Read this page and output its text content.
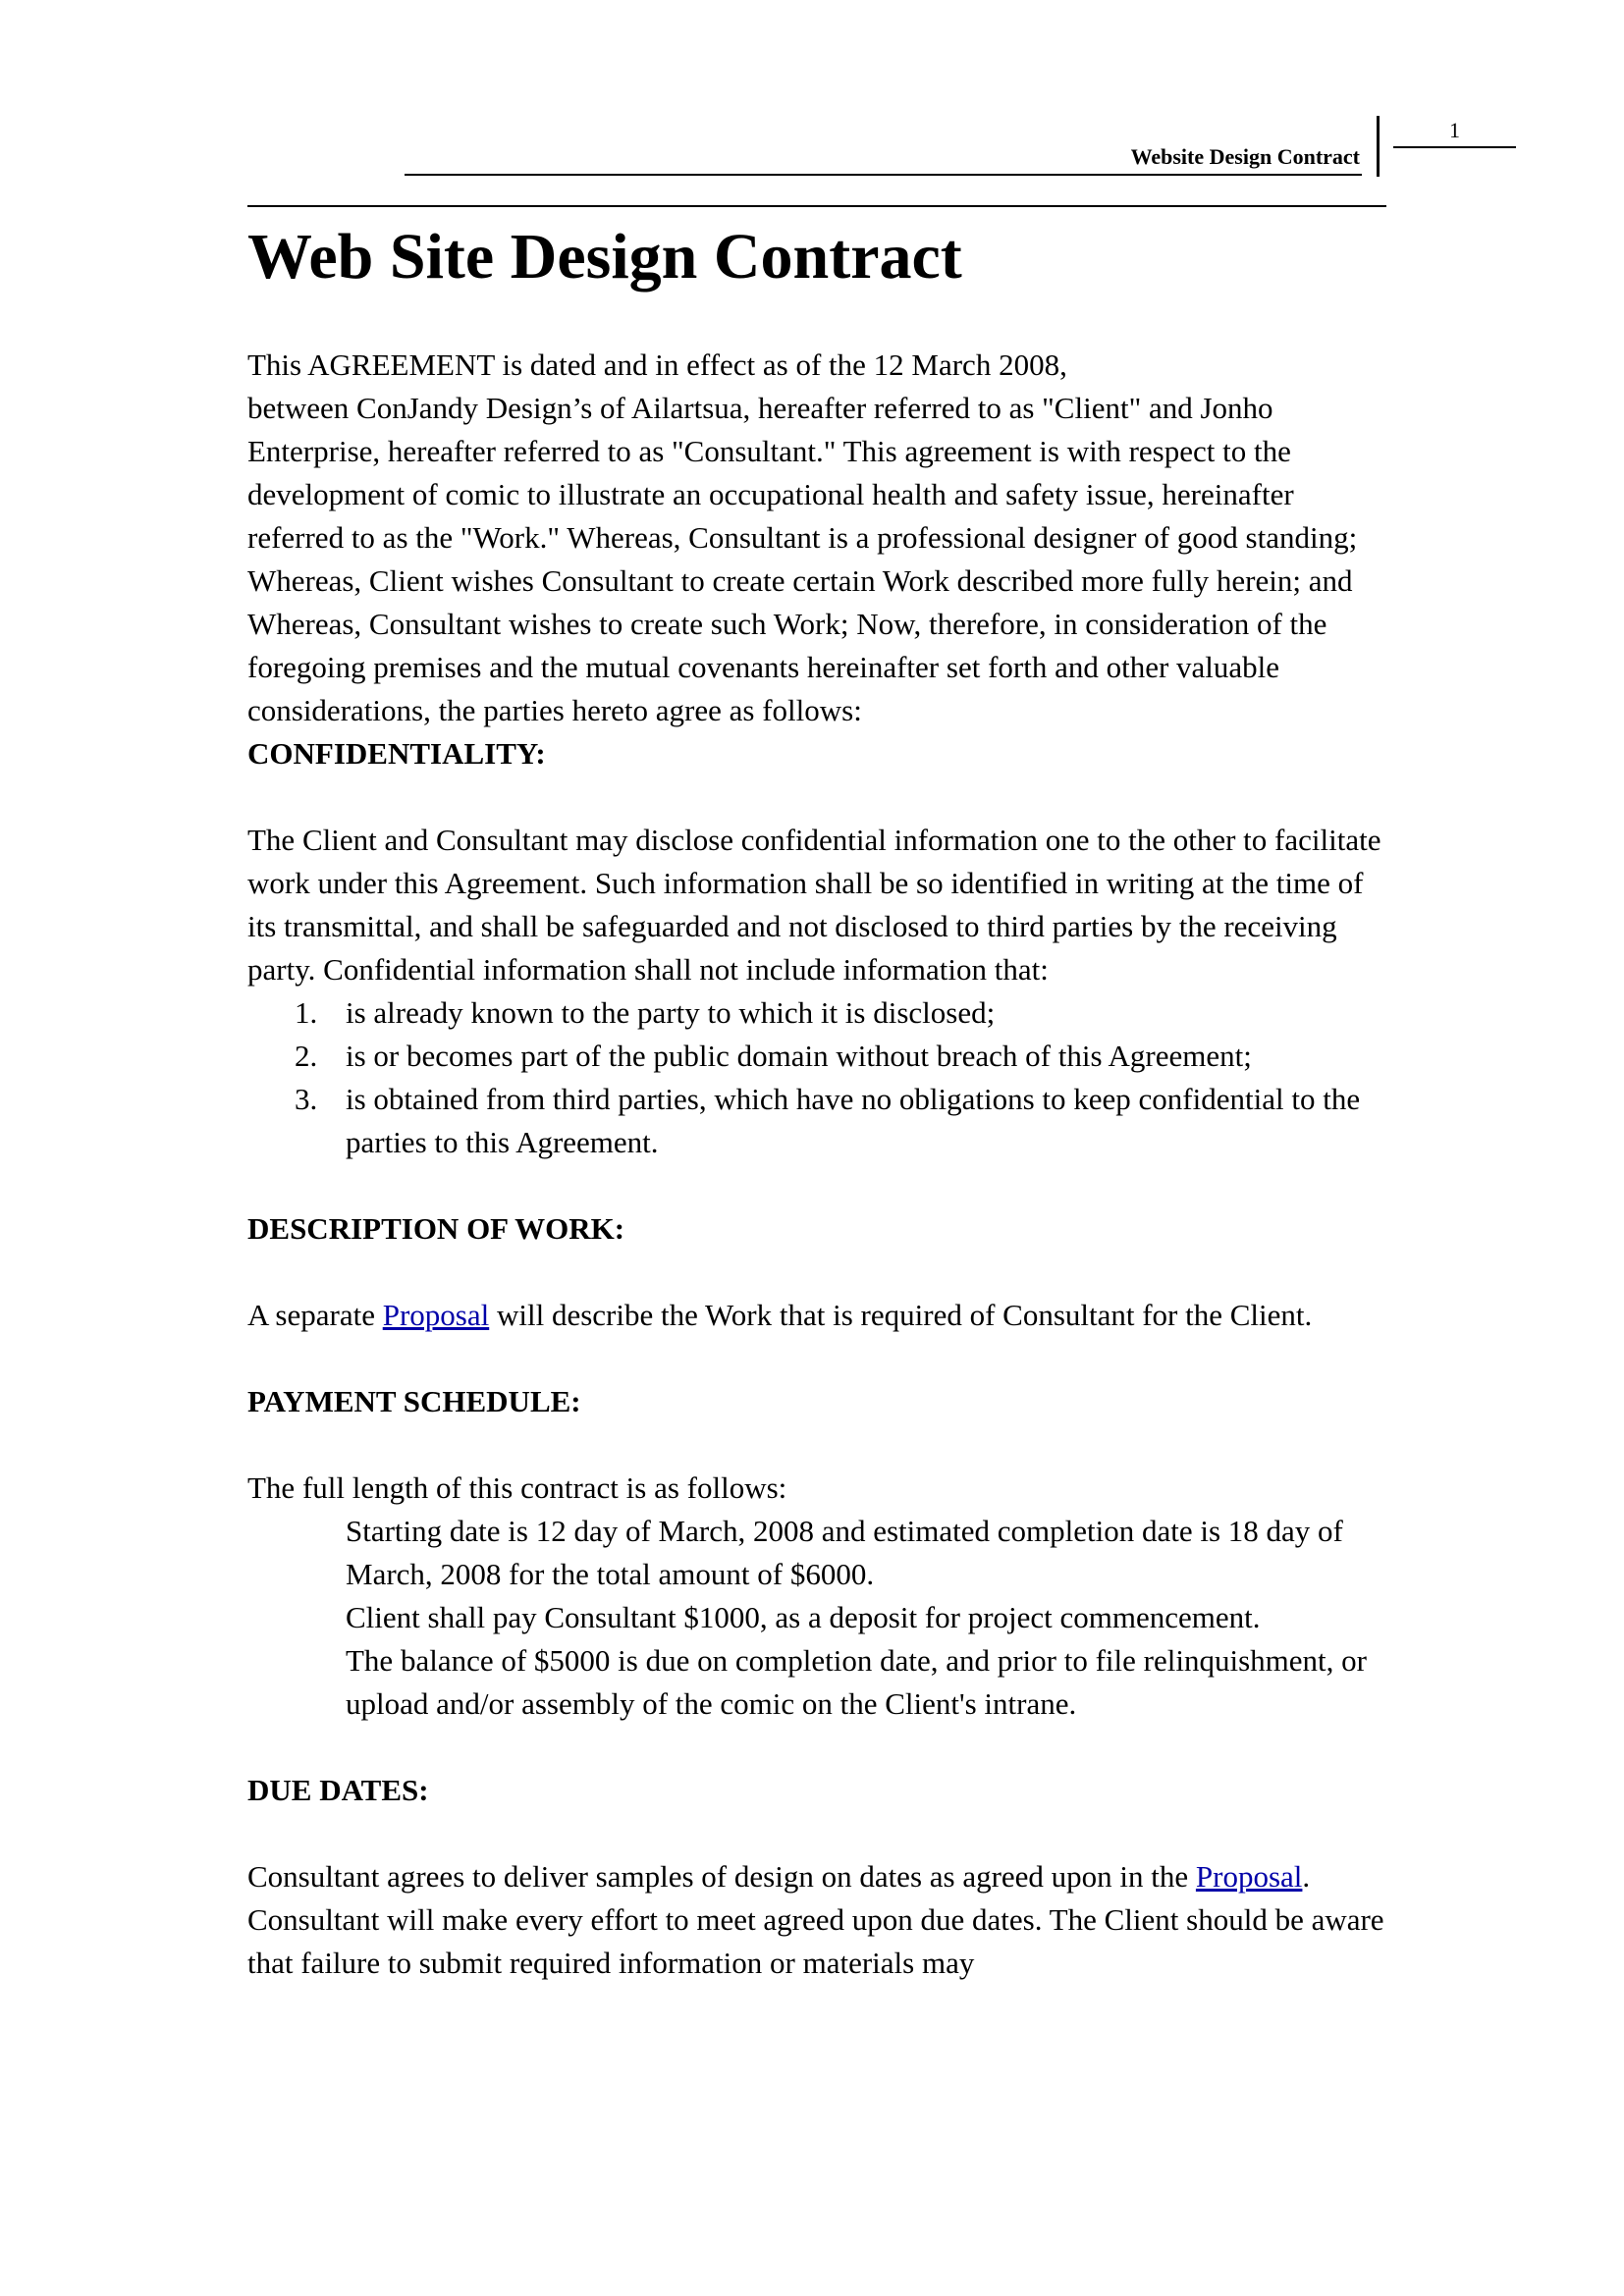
Website Design Contract
1
Web Site Design Contract

This AGREEMENT is dated and in effect as of the 12 March 2008,

between ConJandy Design’s of Ailartsua, hereafter referred to as "Client" and Jonho Enterprise, hereafter referred to as "Consultant." This agreement is with respect to the development of comic to illustrate an occupational health and safety issue, hereinafter referred to as the "Work." Whereas, Consultant is a professional designer of good standing; Whereas, Client wishes Consultant to create certain Work described more fully herein; and Whereas, Consultant wishes to create such Work; Now, therefore, in consideration of the foregoing premises and the mutual covenants hereinafter set forth and other valuable considerations, the parties hereto agree as follows:

CONFIDENTIALITY:

The Client and Consultant may disclose confidential information one to the other to facilitate work under this Agreement. Such information shall be so identified in writing at the time of its transmittal, and shall be safeguarded and not disclosed to third parties by the receiving party. Confidential information shall not include information that:

1. is already known to the party to which it is disclosed;
2. is or becomes part of the public domain without breach of this Agreement;
3. is obtained from third parties, which have no obligations to keep confidential to the parties to this Agreement.

DESCRIPTION OF WORK:

A separate Proposal will describe the Work that is required of Consultant for the Client.

PAYMENT SCHEDULE:

The full length of this contract is as follows:

Starting date is 12 day of March, 2008 and estimated completion date is 18 day of March, 2008 for the total amount of $6000.

Client shall pay Consultant $1000, as a deposit for project commencement.

The balance of $5000 is due on completion date, and prior to file relinquishment, or upload and/or assembly of the comic on the Client's intrane.

DUE DATES:

Consultant agrees to deliver samples of design on dates as agreed upon in the Proposal. Consultant will make every effort to meet agreed upon due dates. The Client should be aware that failure to submit required information or materials may
